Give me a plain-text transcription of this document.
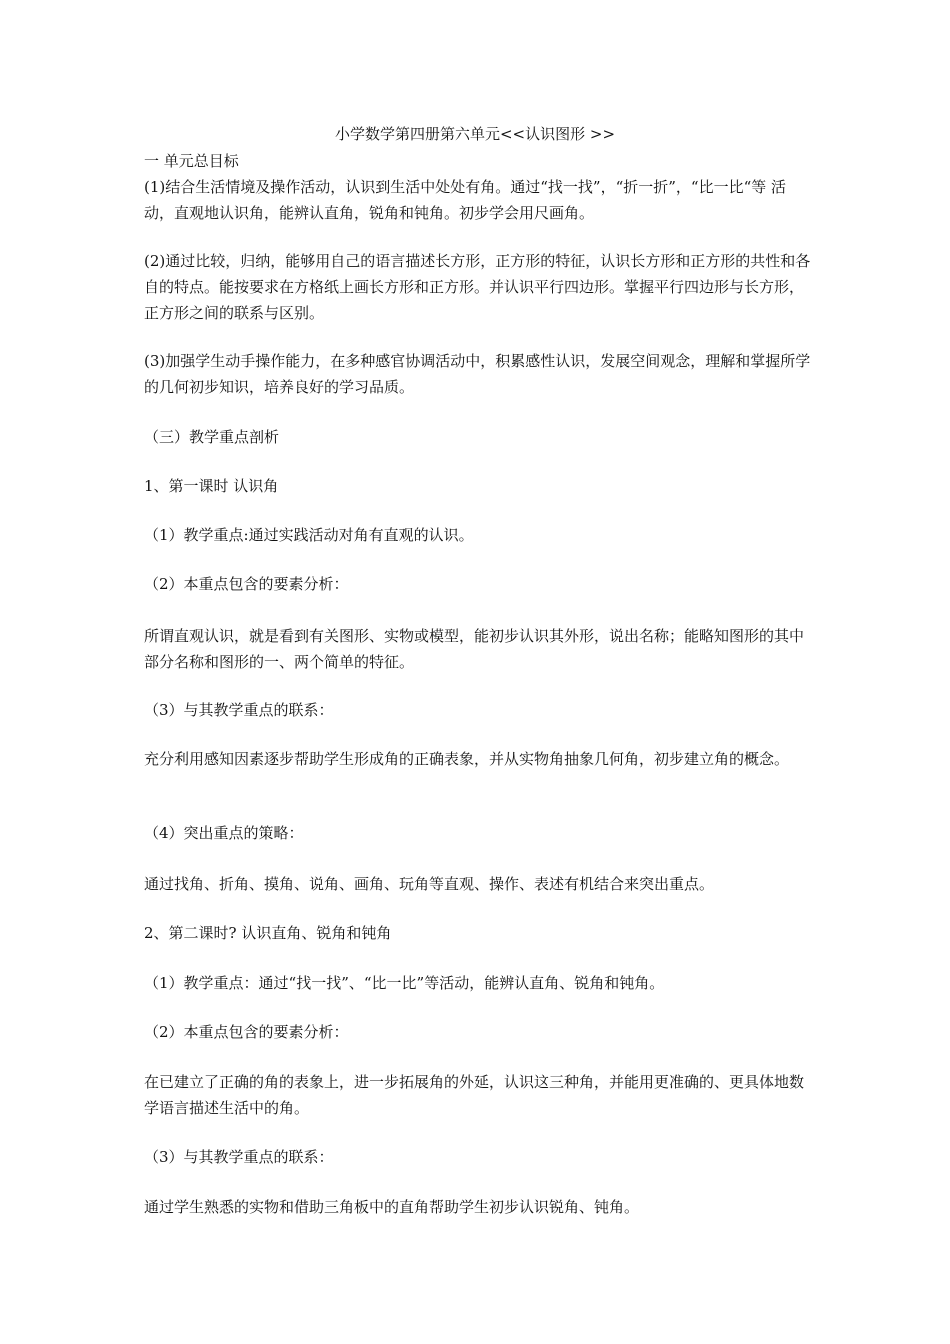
小学数学第四册第六单元<<认识图形 >>
一 单元总目标
(1)结合生活情境及操作活动，认识到生活中处处有角。通过“找一找”，“折一折”，“比一比“等 活动，直观地认识角，能辨认直角，锐角和钝角。初步学会用尺画角。
(2)通过比较，归纳，能够用自己的语言描述长方形，正方形的特征，认识长方形和正方形的共性和各自的特点。能按要求在方格纸上画长方形和正方形。并认识平行四边形。掌握平行四边形与长方形，正方形之间的联系与区别。
(3)加强学生动手操作能力，在多种感官协调活动中，积累感性认识，发展空间观念，理解和掌握所学的几何初步知识，培养良好的学习品质。
（三）教学重点剖析
1、第一课时 认识角
（1）教学重点:通过实践活动对角有直观的认识。
（2）本重点包含的要素分析：
所谓直观认识，就是看到有关图形、实物或模型，能初步认识其外形，说出名称；能略知图形的其中部分名称和图形的一、两个简单的特征。
（3）与其教学重点的联系：
充分利用感知因素逐步帮助学生形成角的正确表象，并从实物角抽象几何角，初步建立角的概念。
（4）突出重点的策略：
通过找角、折角、摸角、说角、画角、玩角等直观、操作、表述有机结合来突出重点。
2、第二课时? 认识直角、锐角和钝角
（1）教学重点：通过“找一找”、“比一比”等活动，能辨认直角、锐角和钝角。
（2）本重点包含的要素分析：
在已建立了正确的角的表象上，进一步拓展角的外延，认识这三种角，并能用更准确的、更具体地数学语言描述生活中的角。
（3）与其教学重点的联系：
通过学生熟悉的实物和借助三角板中的直角帮助学生初步认识锐角、钝角。
